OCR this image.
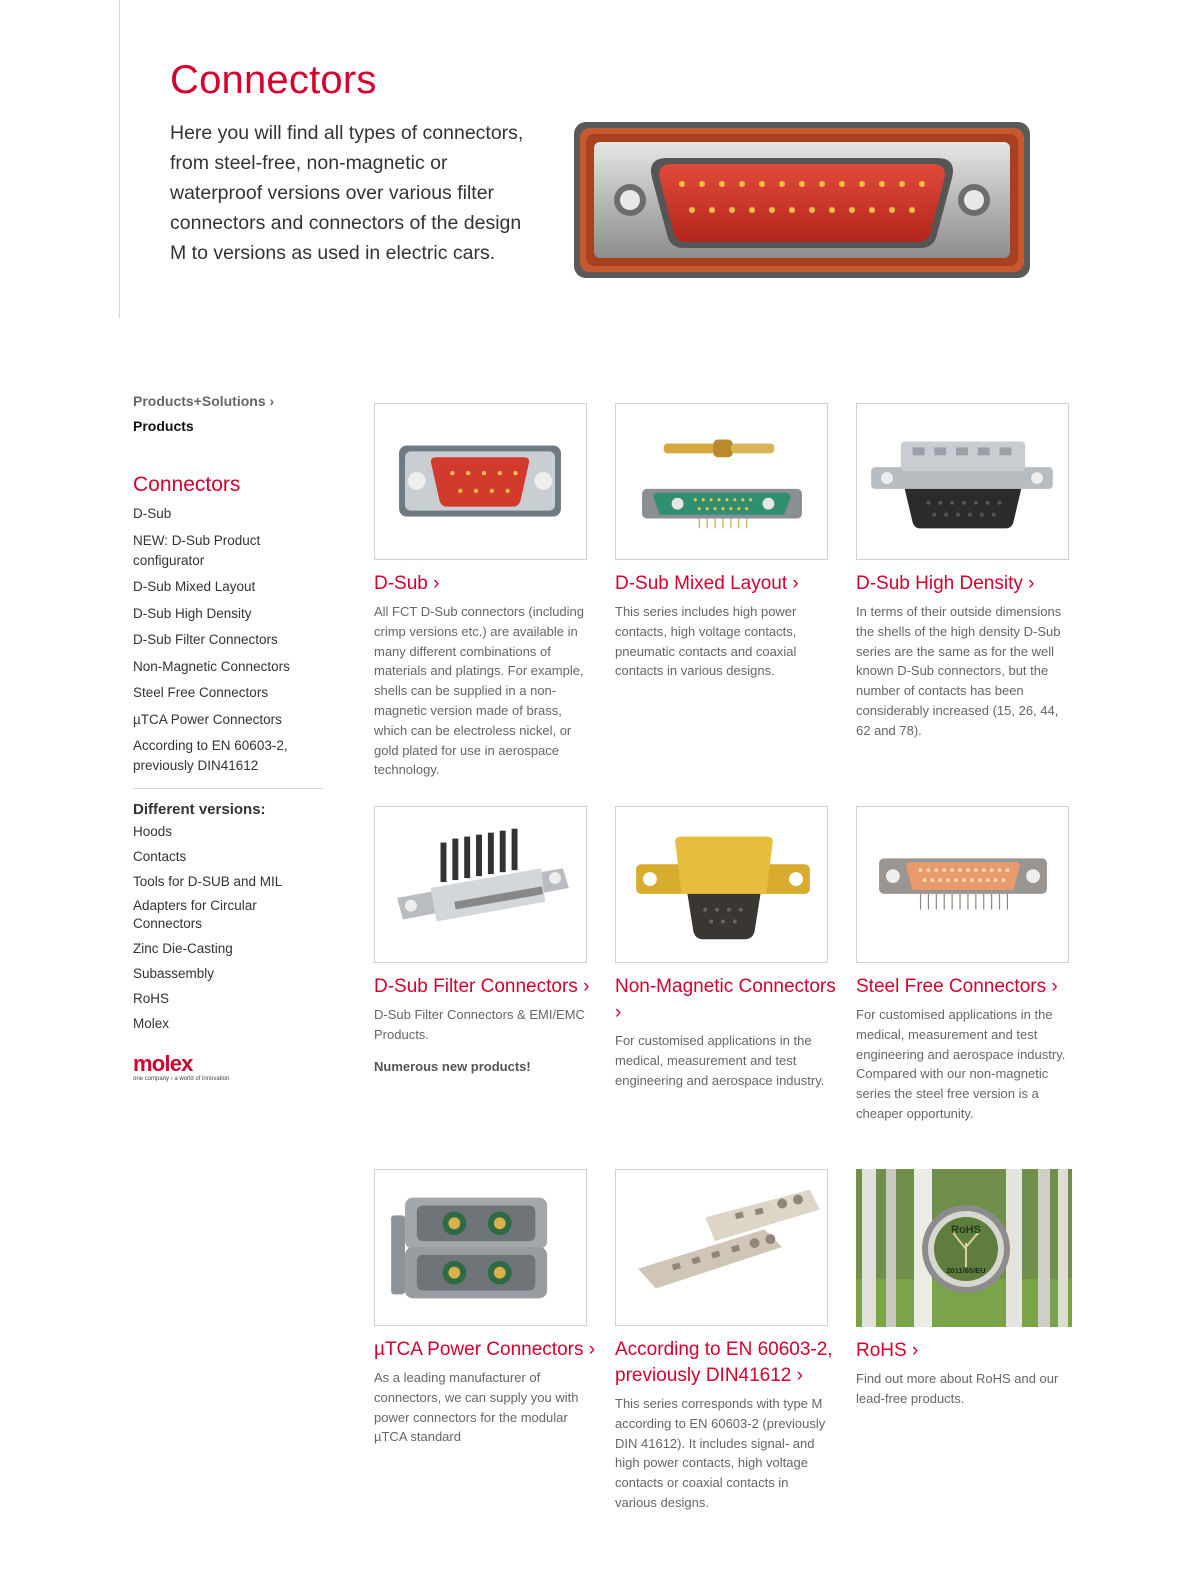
Connectors

Here you will find all types of connectors, from steel-free, non-magnetic or waterproof versions over various filter connectors and connectors of the design M to versions as used in electric cars.

Products+Solutions ›
Products
Connectors
D-Sub
NEW: D-Sub Product configurator
D-Sub Mixed Layout
D-Sub High Density
D-Sub Filter Connectors
Non-Magnetic Connectors
Steel Free Connectors
µTCA Power Connectors
According to EN 60603-2, previously DIN41612
Different versions:
Hoods
Contacts
Tools for D-SUB and MIL
Adapters for Circular Connectors
Zinc Die-Casting
Subassembly
RoHS
Molex
molex
one company › a world of innovation
D-Sub ›

All FCT D-Sub connectors (including crimp versions etc.) are available in many different combinations of materials and platings. For example, shells can be supplied in a non-magnetic version made of brass, which can be electroless nickel, or gold plated for use in aerospace technology.

D-Sub Mixed Layout ›

This series includes high power contacts, high voltage contacts, pneumatic contacts and coaxial contacts in various designs.

D-Sub High Density ›

In terms of their outside dimensions the shells of the high density D-Sub series are the same as for the well known D-Sub connectors, but the number of contacts has been considerably increased (15, 26, 44, 62 and 78).

D-Sub Filter Connectors ›

D-Sub Filter Connectors & EMI/EMC Products.

Numerous new products!

Non-Magnetic Connectors ›

For customised applications in the medical, measurement and test engineering and aerospace industry.

Steel Free Connectors ›

For customised applications in the medical, measurement and test engineering and aerospace industry.
Compared with our non-magnetic series the steel free version is a cheaper opportunity.

µTCA Power Connectors ›

As a leading manufacturer of connectors, we can supply you with power connectors for the modular µTCA standard

According to EN 60603-2, previously DIN41612 ›

This series corresponds with type M according to EN 60603-2 (previously DIN 41612). It includes signal- and high power contacts, high voltage contacts or coaxial contacts in various designs.

RoHS
2011/65/EU
RoHS ›

Find out more about RoHS and our lead-free products.
